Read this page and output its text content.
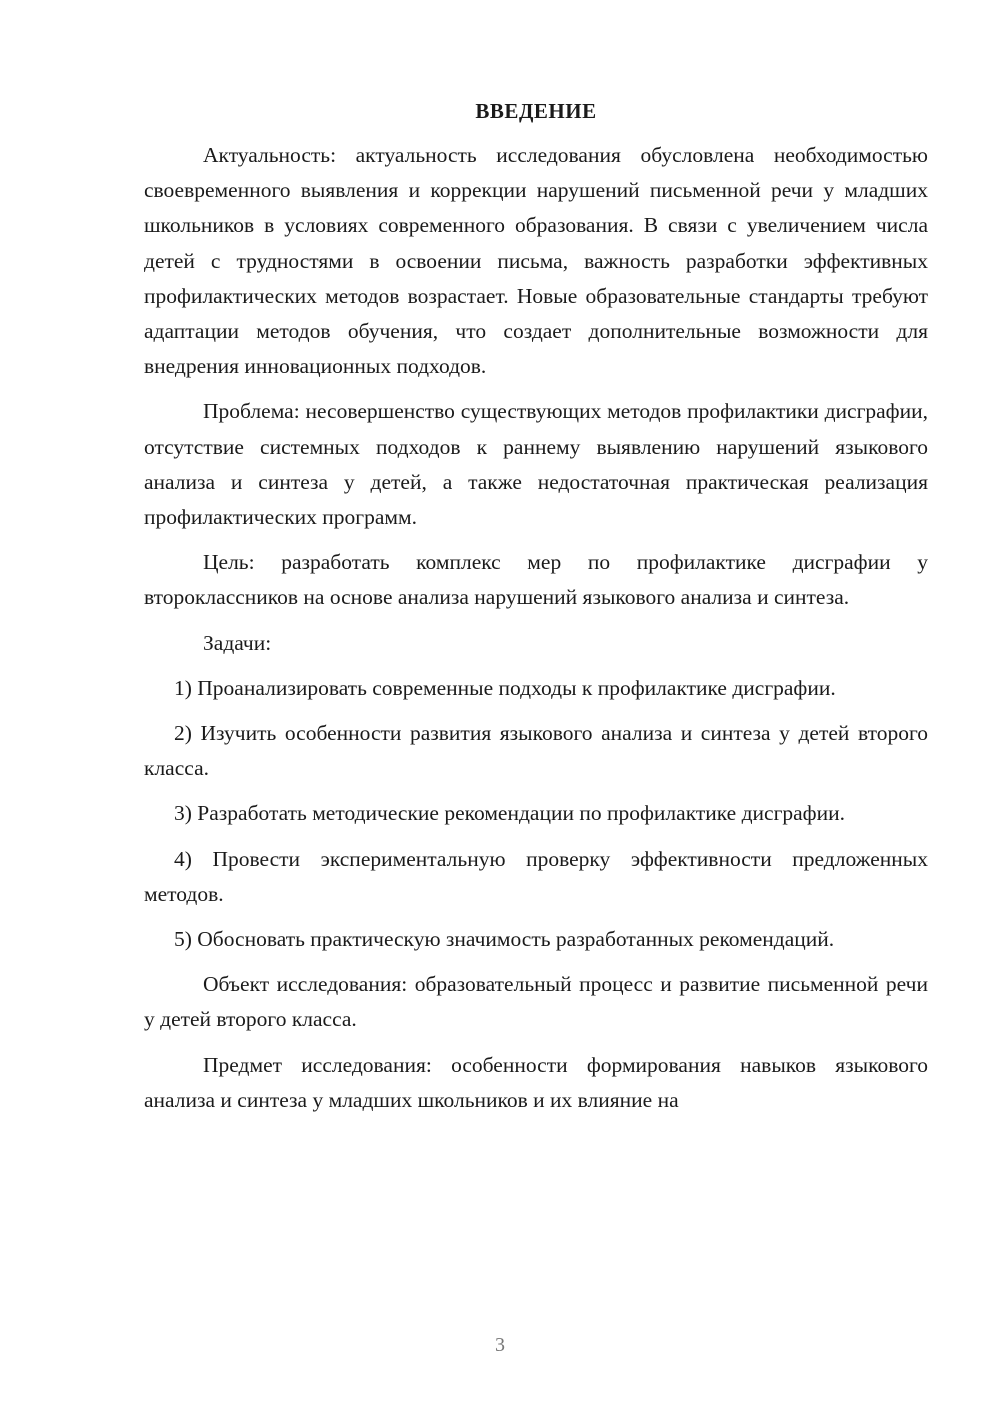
ВВЕДЕНИЕ

Актуальность: актуальность исследования обусловлена необходимостью своевременного выявления и коррекции нарушений письменной речи у младших школьников в условиях современного образования. В связи с увеличением числа детей с трудностями в освоении письма, важность разработки эффективных профилактических методов возрастает. Новые образовательные стандарты требуют адаптации методов обучения, что создает дополнительные возможности для внедрения инновационных подходов.

Проблема: несовершенство существующих методов профилактики дисграфии, отсутствие системных подходов к раннему выявлению нарушений языкового анализа и синтеза у детей, а также недостаточная практическая реализация профилактических программ.

Цель: разработать комплекс мер по профилактике дисграфии у второклассников на основе анализа нарушений языкового анализа и синтеза.

Задачи:

1) Проанализировать современные подходы к профилактике дисграфии.

2) Изучить особенности развития языкового анализа и синтеза у детей второго класса.

3) Разработать методические рекомендации по профилактике дисграфии.

4) Провести экспериментальную проверку эффективности предложенных методов.

5) Обосновать практическую значимость разработанных рекомендаций.

Объект исследования: образовательный процесс и развитие письменной речи у детей второго класса.

Предмет исследования: особенности формирования навыков языкового анализа и синтеза у младших школьников и их влияние на

3
